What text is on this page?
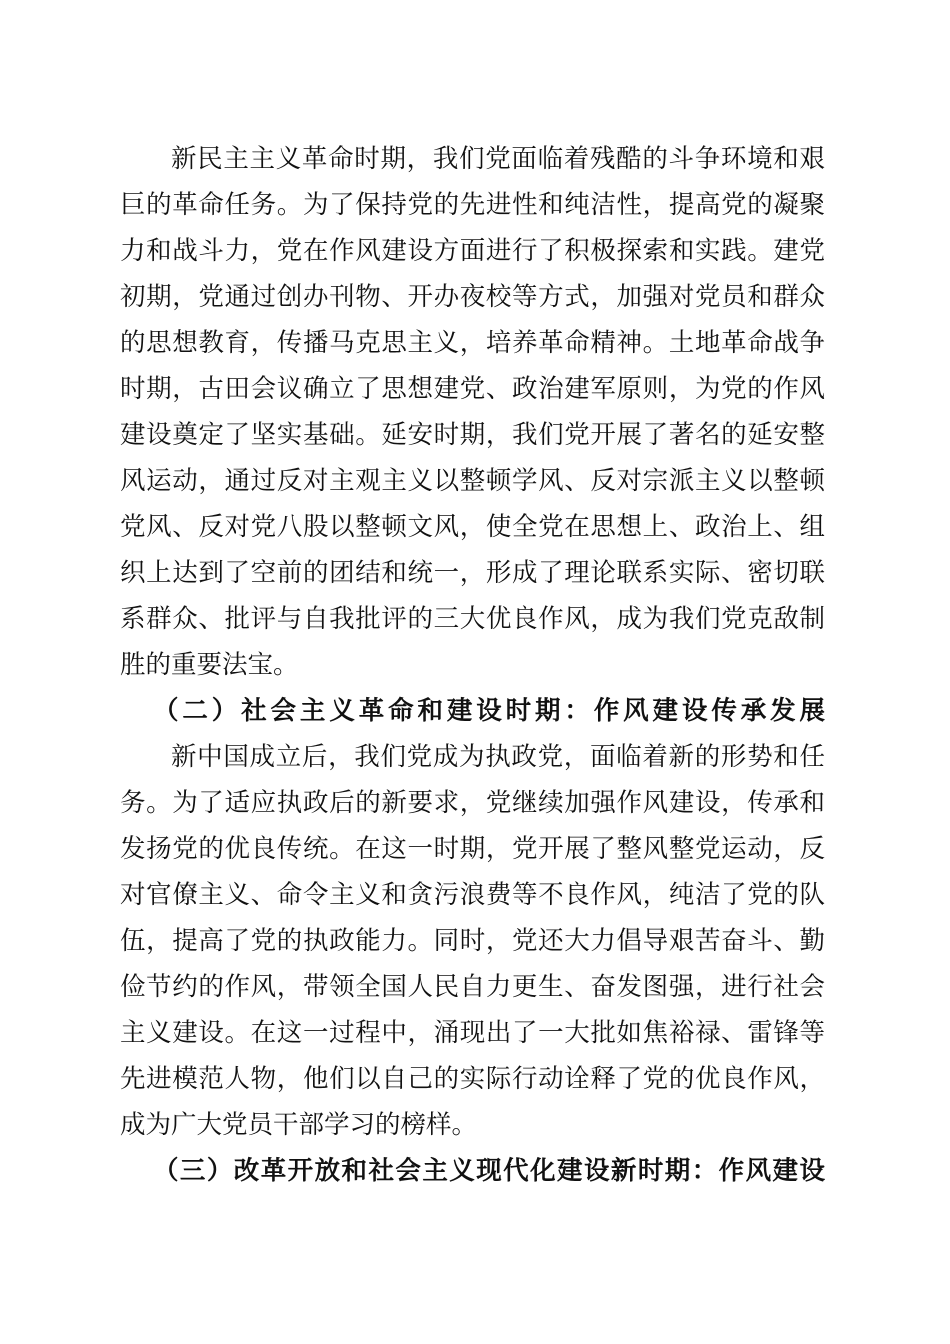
新民主主义革命时期，我们党面临着残酷的斗争环境和艰
巨的革命任务。为了保持党的先进性和纯洁性，提高党的凝聚
力和战斗力，党在作风建设方面进行了积极探索和实践。建党
初期，党通过创办刊物、开办夜校等方式，加强对党员和群众
的思想教育，传播马克思主义，培养革命精神。土地革命战争
时期，古田会议确立了思想建党、政治建军原则，为党的作风
建设奠定了坚实基础。延安时期，我们党开展了著名的延安整
风运动，通过反对主观主义以整顿学风、反对宗派主义以整顿
党风、反对党八股以整顿文风，使全党在思想上、政治上、组
织上达到了空前的团结和统一，形成了理论联系实际、密切联
系群众、批评与自我批评的三大优良作风，成为我们党克敌制
胜的重要法宝。
（二）社会主义革命和建设时期：作风建设传承发展
新中国成立后，我们党成为执政党，面临着新的形势和任
务。为了适应执政后的新要求，党继续加强作风建设，传承和
发扬党的优良传统。在这一时期，党开展了整风整党运动，反
对官僚主义、命令主义和贪污浪费等不良作风，纯洁了党的队
伍，提高了党的执政能力。同时，党还大力倡导艰苦奋斗、勤
俭节约的作风，带领全国人民自力更生、奋发图强，进行社会
主义建设。在这一过程中，涌现出了一大批如焦裕禄、雷锋等
先进模范人物，他们以自己的实际行动诠释了党的优良作风，
成为广大党员干部学习的榜样。
（三）改革开放和社会主义现代化建设新时期：作风建设
